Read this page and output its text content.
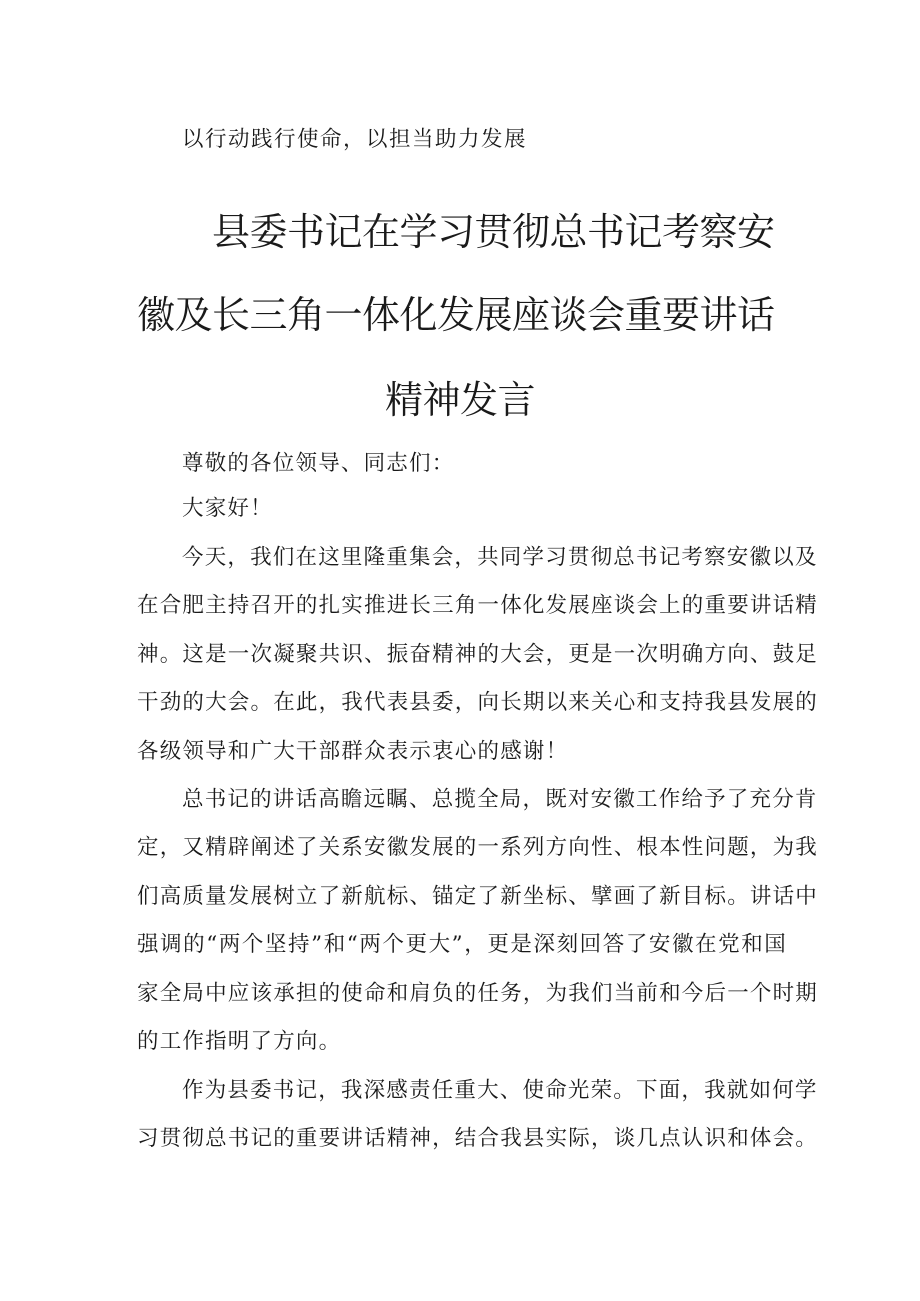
以行动践行使命，以担当助力发展
县委书记在学习贯彻总书记考察安
徽及长三角一体化发展座谈会重要讲话
精神发言
尊敬的各位领导、同志们：
大家好！
今天，我们在这里隆重集会，共同学习贯彻总书记考察安徽以及
在合肥主持召开的扎实推进长三角一体化发展座谈会上的重要讲话精
神。这是一次凝聚共识、振奋精神的大会，更是一次明确方向、鼓足
干劲的大会。在此，我代表县委，向长期以来关心和支持我县发展的
各级领导和广大干部群众表示衷心的感谢！
总书记的讲话高瞻远瞩、总揽全局，既对安徽工作给予了充分肯
定，又精辟阐述了关系安徽发展的一系列方向性、根本性问题，为我
们高质量发展树立了新航标、锚定了新坐标、擘画了新目标。讲话中
强调的“两个坚持”和“两个更大”，更是深刻回答了安徽在党和国
家全局中应该承担的使命和肩负的任务，为我们当前和今后一个时期
的工作指明了方向。
作为县委书记，我深感责任重大、使命光荣。下面，我就如何学
习贯彻总书记的重要讲话精神，结合我县实际，谈几点认识和体会。
